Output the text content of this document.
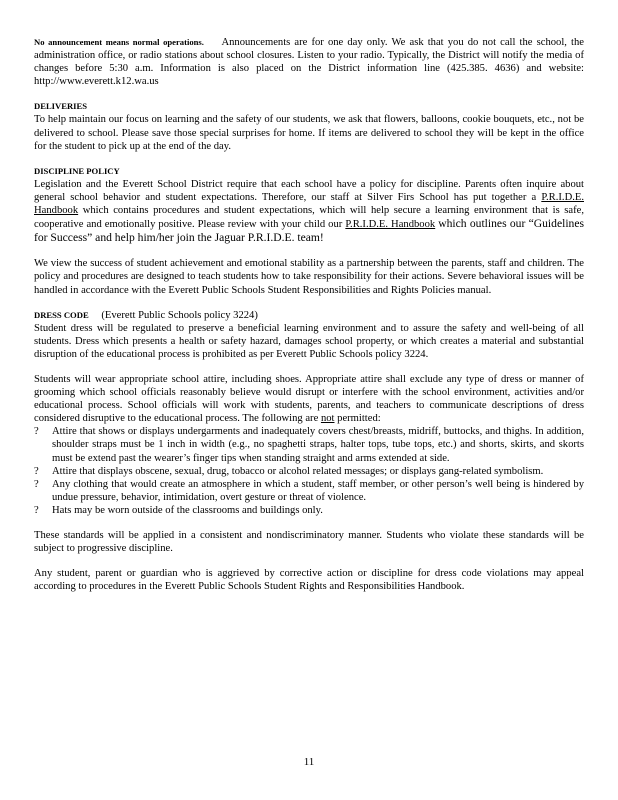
No announcement means normal operations. Announcements are for one day only. We ask that you do not call the school, the administration office, or radio stations about school closures. Listen to your radio. Typically, the District will notify the media of changes before 5:30 a.m. Information is also placed on the District information line (425.385. 4636) and website: http://www.everett.k12.wa.us

DELIVERIES

To help maintain our focus on learning and the safety of our students, we ask that flowers, balloons, cookie bouquets, etc., not be delivered to school. Please save those special surprises for home. If items are delivered to school they will be kept in the office for the student to pick up at the end of the day.

DISCIPLINE POLICY

Legislation and the Everett School District require that each school have a policy for discipline. Parents often inquire about general school behavior and student expectations. Therefore, our staff at Silver Firs School has put together a P.R.I.D.E. Handbook which contains procedures and student expectations, which will help secure a learning environment that is safe, cooperative and emotionally positive. Please review with your child our P.R.I.D.E. Handbook which outlines our “Guidelines for Success” and help him/her join the Jaguar P.R.I.D.E. team!

We view the success of student achievement and emotional stability as a partnership between the parents, staff and children. The policy and procedures are designed to teach students how to take responsibility for their actions. Severe behavioral issues will be handled in accordance with the Everett Public Schools Student Responsibilities and Rights Policies manual.

DRESS CODE (Everett Public Schools policy 3224)

Student dress will be regulated to preserve a beneficial learning environment and to assure the safety and well-being of all students. Dress which presents a health or safety hazard, damages school property, or which creates a material and substantial disruption of the educational process is prohibited as per Everett Public Schools policy 3224.

Students will wear appropriate school attire, including shoes. Appropriate attire shall exclude any type of dress or manner of grooming which school officials reasonably believe would disrupt or interfere with the school environment, activities and/or educational process. School officials will work with students, parents, and teachers to communicate descriptions of dress considered disruptive to the educational process. The following are not permitted:

? Attire that shows or displays undergarments and inadequately covers chest/breasts, midriff, buttocks, and thighs. In addition, shoulder straps must be 1 inch in width (e.g., no spaghetti straps, halter tops, tube tops, etc.) and shorts, skirts, and skorts must be extend past the wearer’s finger tips when standing straight and arms extended at side.
? Attire that displays obscene, sexual, drug, tobacco or alcohol related messages; or displays gang-related symbolism.
? Any clothing that would create an atmosphere in which a student, staff member, or other person’s well being is hindered by undue pressure, behavior, intimidation, overt gesture or threat of violence.
? Hats may be worn outside of the classrooms and buildings only.

These standards will be applied in a consistent and nondiscriminatory manner. Students who violate these standards will be subject to progressive discipline.

Any student, parent or guardian who is aggrieved by corrective action or discipline for dress code violations may appeal according to procedures in the Everett Public Schools Student Rights and Responsibilities Handbook.

11
